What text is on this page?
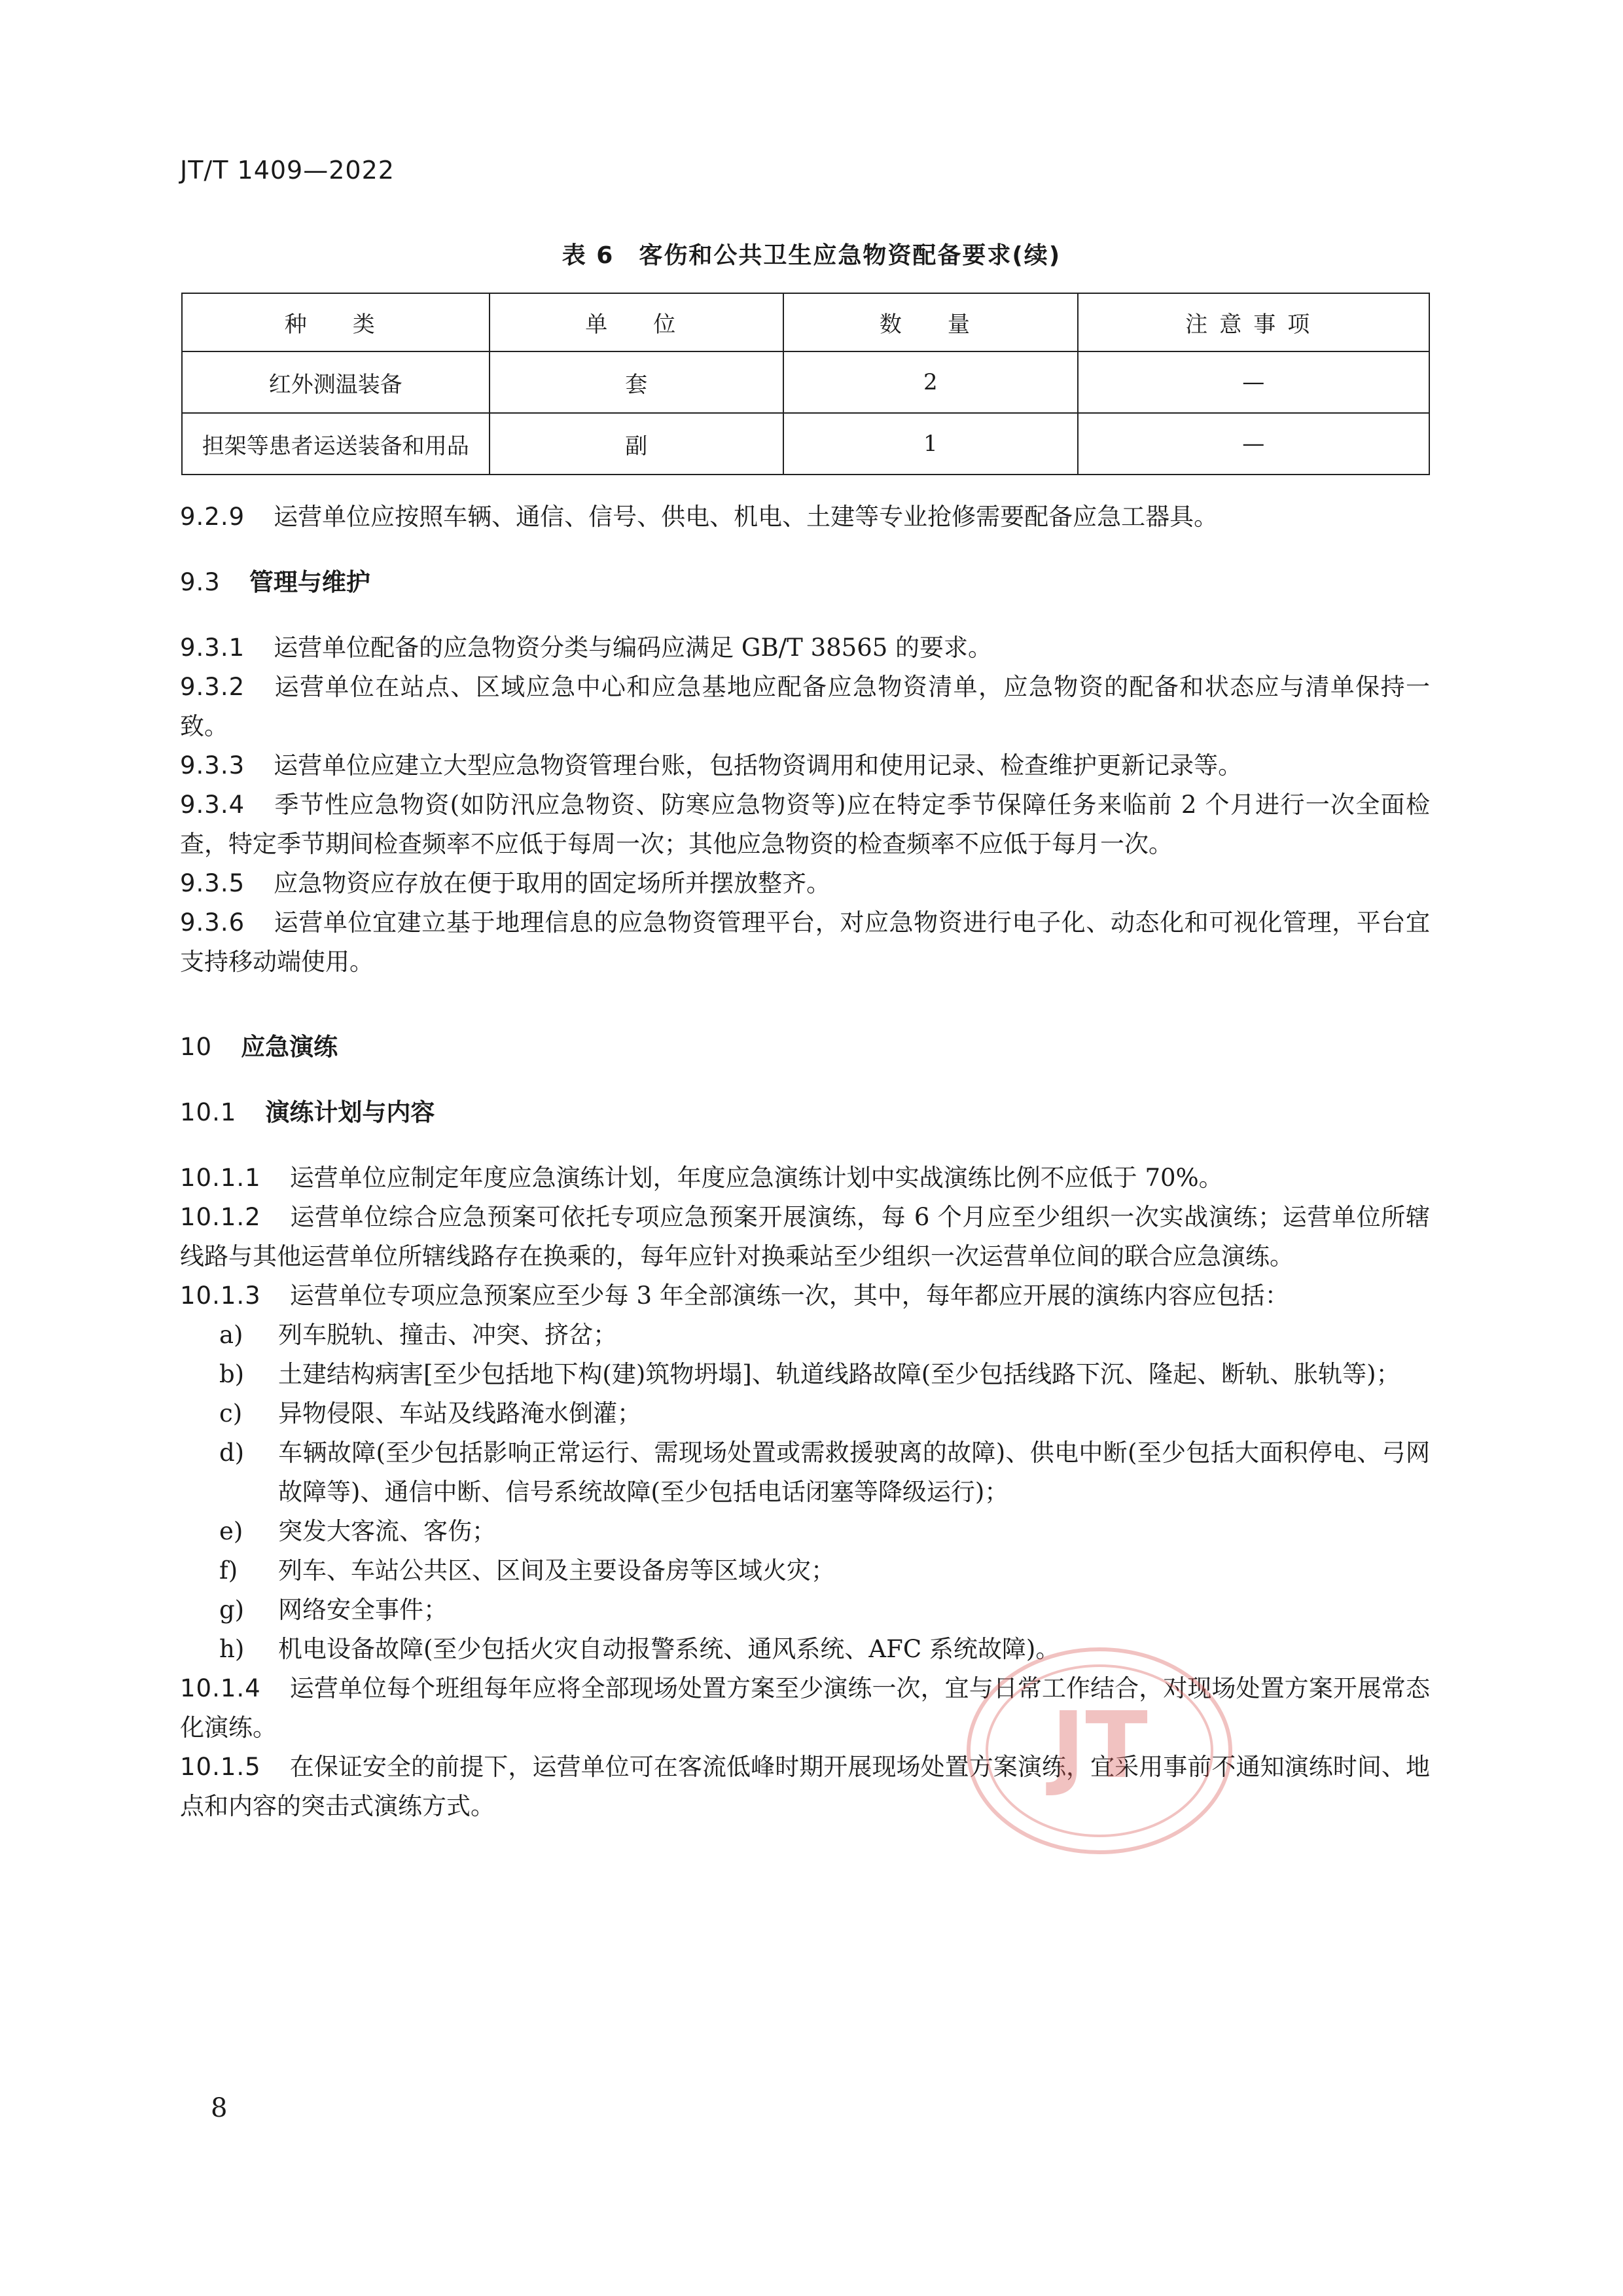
JT/T 1409—2022
表 6　客伤和公共卫生应急物资配备要求(续)
种　类	单　位	数　量	注意事项
红外测温装备	套	2	—
担架等患者运送装备和用品	副	1	—

9.2.9 运营单位应按照车辆、通信、信号、供电、机电、土建等专业抢修需要配备应急工器具。

9.3 管理与维护

9.3.1 运营单位配备的应急物资分类与编码应满足 GB/T 38565 的要求。

9.3.2 运营单位在站点、区域应急中心和应急基地应配备应急物资清单，应急物资的配备和状态应与清单保持一致。

9.3.3 运营单位应建立大型应急物资管理台账，包括物资调用和使用记录、检查维护更新记录等。

9.3.4 季节性应急物资(如防汛应急物资、防寒应急物资等)应在特定季节保障任务来临前 2 个月进行一次全面检查，特定季节期间检查频率不应低于每周一次；其他应急物资的检查频率不应低于每月一次。

9.3.5 应急物资应存放在便于取用的固定场所并摆放整齐。

9.3.6 运营单位宜建立基于地理信息的应急物资管理平台，对应急物资进行电子化、动态化和可视化管理，平台宜支持移动端使用。

10 应急演练
10.1 演练计划与内容

10.1.1 运营单位应制定年度应急演练计划，年度应急演练计划中实战演练比例不应低于 70%。

10.1.2 运营单位综合应急预案可依托专项应急预案开展演练，每 6 个月应至少组织一次实战演练；运营单位所辖线路与其他运营单位所辖线路存在换乘的，每年应针对换乘站至少组织一次运营单位间的联合应急演练。

10.1.3 运营单位专项应急预案应至少每 3 年全部演练一次，其中，每年都应开展的演练内容应包括：

a) 列车脱轨、撞击、冲突、挤岔；

b) 土建结构病害[至少包括地下构(建)筑物坍塌]、轨道线路故障(至少包括线路下沉、隆起、断轨、胀轨等)；

c) 异物侵限、车站及线路淹水倒灌；

d) 车辆故障(至少包括影响正常运行、需现场处置或需救援驶离的故障)、供电中断(至少包括大面积停电、弓网故障等)、通信中断、信号系统故障(至少包括电话闭塞等降级运行)；

e) 突发大客流、客伤；

f) 列车、车站公共区、区间及主要设备房等区域火灾；

g) 网络安全事件；

h) 机电设备故障(至少包括火灾自动报警系统、通风系统、AFC 系统故障)。

10.1.4 运营单位每个班组每年应将全部现场处置方案至少演练一次，宜与日常工作结合，对现场处置方案开展常态化演练。

10.1.5 在保证安全的前提下，运营单位可在客流低峰时期开展现场处置方案演练，宜采用事前不通知演练时间、地点和内容的突击式演练方式。

JT
8
